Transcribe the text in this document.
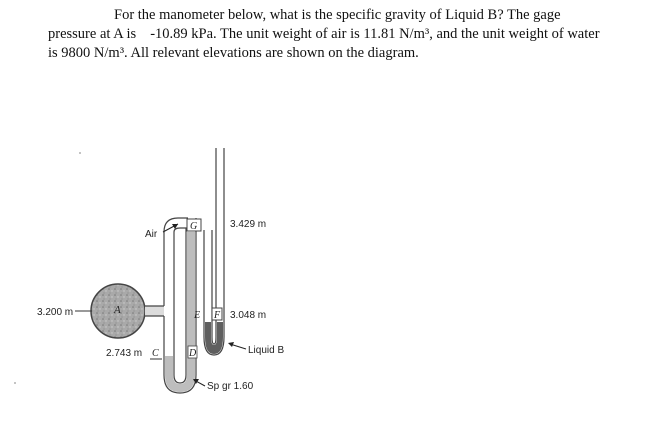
For the manometer below, what is the specific gravity of Liquid B? The gage

pressure at A is -10.89 kPa. The unit weight of air is 11.81 N/m³, and the unit weight of water

is 9800 N/m³. All relevant elevations are shown on the diagram.

A
3.200 m
G
E F
C	D
2.743 m
3.429 m
3.048 m
Air
Liquid B
Sp gr 1.60
